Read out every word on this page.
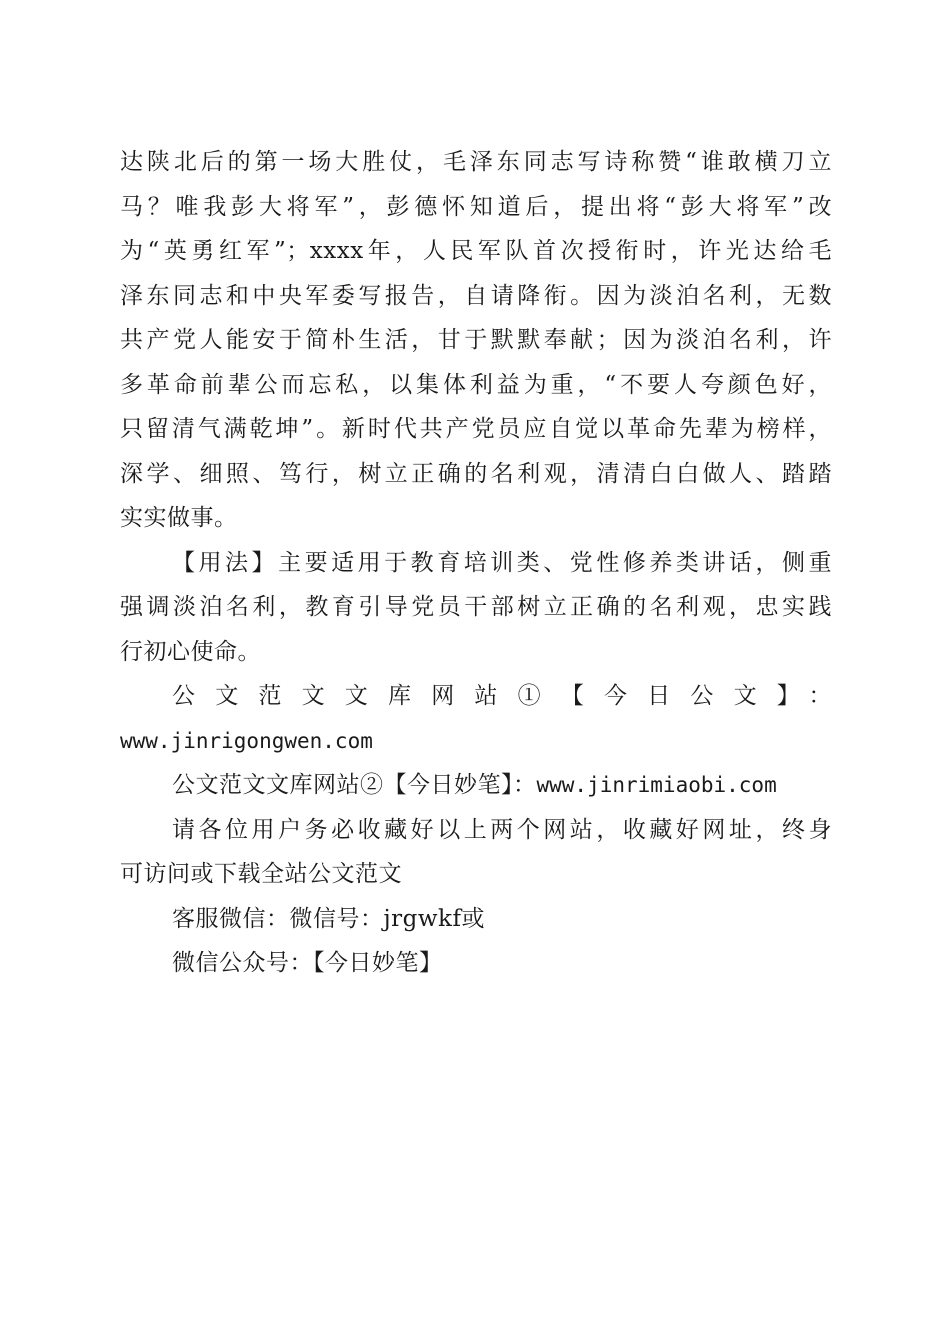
达陕北后的第一场大胜仗，毛泽东同志写诗称赞“谁敢横刀立
马？唯我彭大将军”，彭德怀知道后，提出将“彭大将军”改
为“英勇红军”；xxxx年，人民军队首次授衔时，许光达给毛
泽东同志和中央军委写报告，自请降衔。因为淡泊名利，无数
共产党人能安于简朴生活，甘于默默奉献；因为淡泊名利，许
多革命前辈公而忘私，以集体利益为重，“不要人夸颜色好，
只留清气满乾坤”。新时代共产党员应自觉以革命先辈为榜样，
深学、细照、笃行，树立正确的名利观，清清白白做人、踏踏
实实做事。
【用法】主要适用于教育培训类、党性修养类讲话，侧重
强调淡泊名利，教育引导党员干部树立正确的名利观，忠实践
行初心使命。
公文范文文库网站①【今日公文】：
www.jinrigongwen.com
公文范文文库网站②【今日妙笔】：www.jinrimiaobi.com
请各位用户务必收藏好以上两个网站，收藏好网址，终身
可访问或下载全站公文范文
客服微信：微信号：jrgwkf或
微信公众号：【今日妙笔】
